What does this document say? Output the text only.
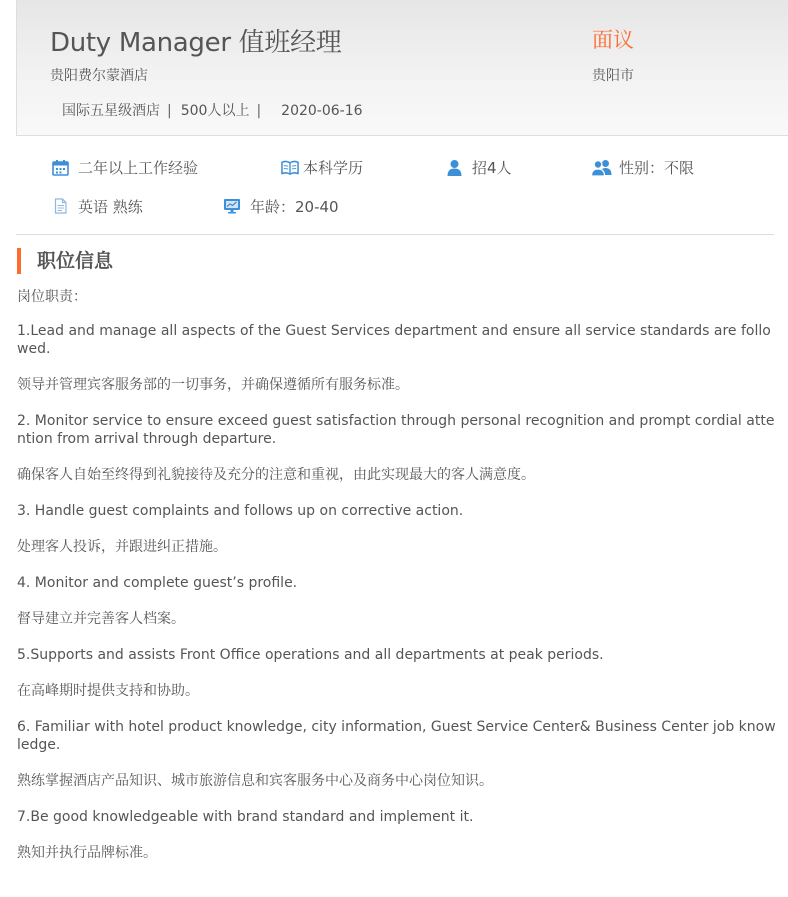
Duty Manager 值班经理	面议
贵阳费尔蒙酒店	贵阳市
国际五星级酒店 | 500人以上 | 2020-06-16
二年以上工作经验	本科学历	招4人	性别：不限
英语 熟练	年龄：20-40
职位信息

岗位职责：

1.Lead and manage all aspects of the Guest Services department and ensure all service standards are followed.

领导并管理宾客服务部的一切事务，并确保遵循所有服务标准。

2. Monitor service to ensure exceed guest satisfaction through personal recognition and prompt cordial attention from arrival through departure.

确保客人自始至终得到礼貌接待及充分的注意和重视，由此实现最大的客人满意度。

3. Handle guest complaints and follows up on corrective action.

处理客人投诉，并跟进纠正措施。

4. Monitor and complete guest’s profile.

督导建立并完善客人档案。

5.Supports and assists Front Office operations and all departments at peak periods.

在高峰期时提供支持和协助。

6. Familiar with hotel product knowledge, city information, Guest Service Center& Business Center job knowledge.

熟练掌握酒店产品知识、城市旅游信息和宾客服务中心及商务中心岗位知识。

7.Be good knowledgeable with brand standard and implement it.

熟知并执行品牌标准。
